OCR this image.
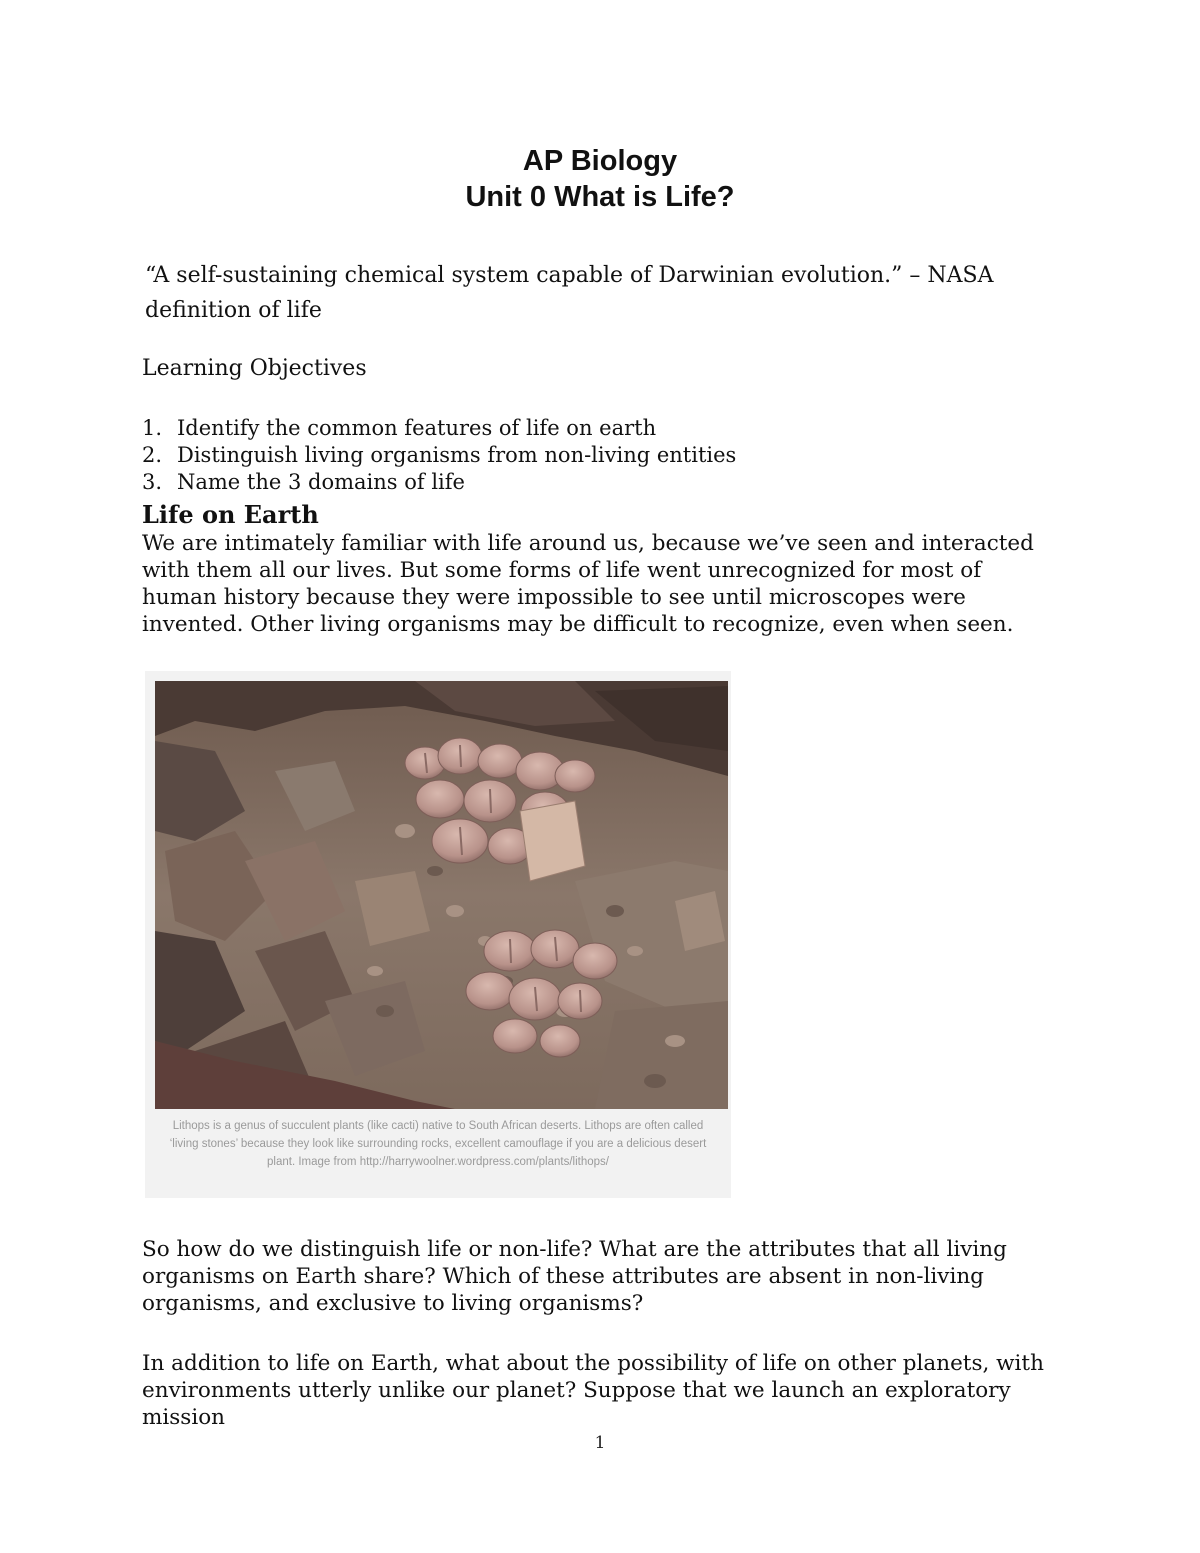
AP Biology
Unit 0 What is Life?
“A self-sustaining chemical system capable of Darwinian evolution.” – NASA definition of life
Learning Objectives
1. Identify the common features of life on earth
2. Distinguish living organisms from non-living entities
3. Name the 3 domains of life
Life on Earth
We are intimately familiar with life around us, because we’ve seen and interacted with them all our lives. But some forms of life went unrecognized for most of human history because they were impossible to see until microscopes were invented. Other living organisms may be difficult to recognize, even when seen.
Lithops is a genus of succulent plants (like cacti) native to South African deserts. Lithops are often called ‘living stones’ because they look like surrounding rocks, excellent camouflage if you are a delicious desert plant. Image from http://harrywoolner.wordpress.com/plants/lithops/
So how do we distinguish life or non-life? What are the attributes that all living organisms on Earth share? Which of these attributes are absent in non-living organisms, and exclusive to living organisms?
In addition to life on Earth, what about the possibility of life on other planets, with environments utterly unlike our planet? Suppose that we launch an exploratory mission
1
